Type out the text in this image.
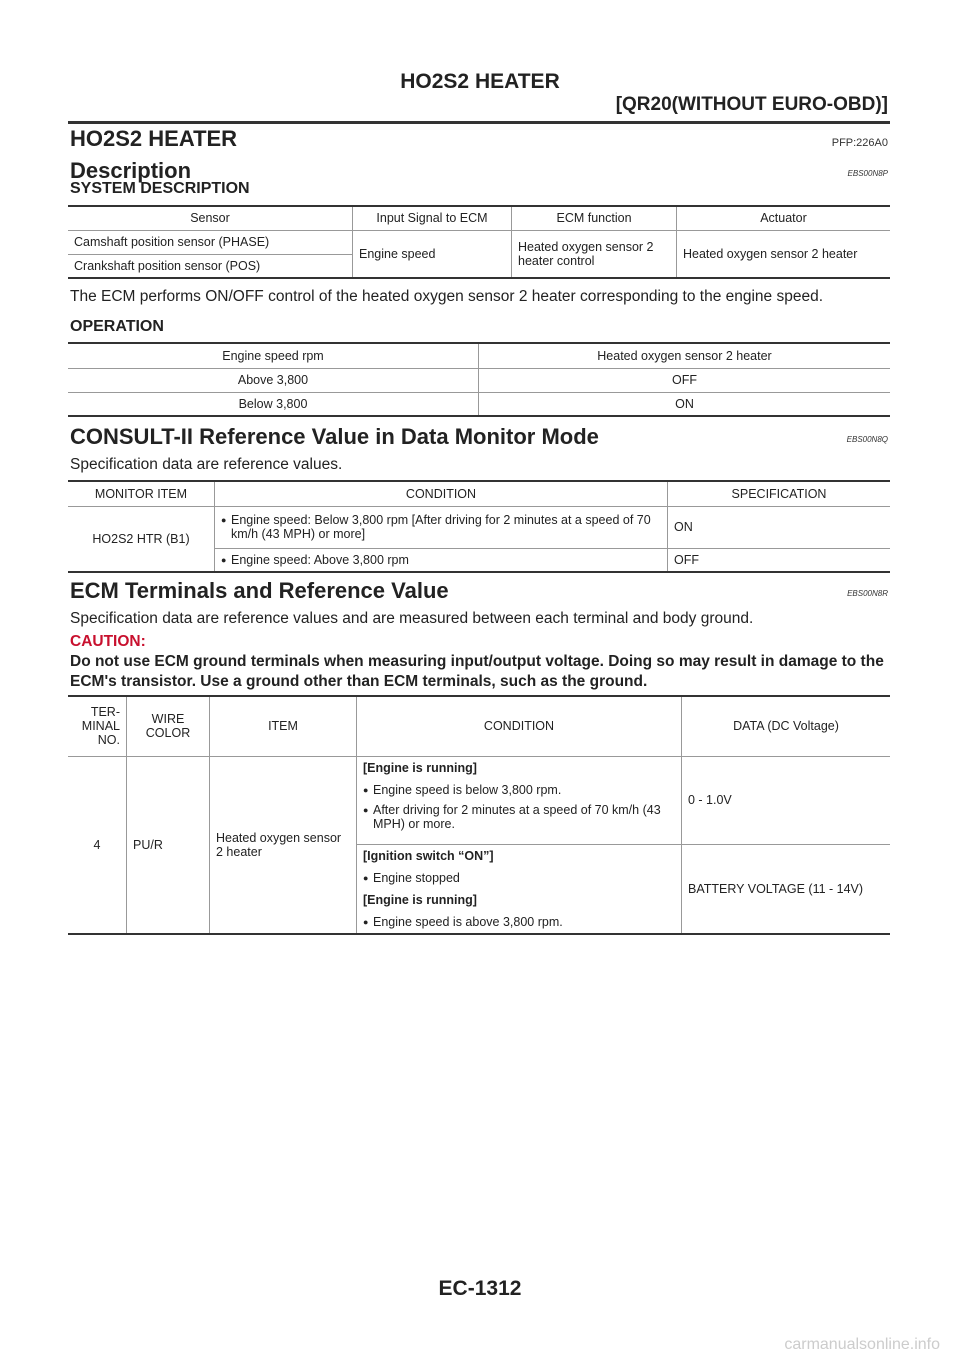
HO2S2 HEATER
[QR20(WITHOUT EURO-OBD)]
HO2S2 HEATER	PFP:226A0
Description	EBS00N8P
SYSTEM DESCRIPTION
Sensor	Input Signal to ECM	ECM function	Actuator
Camshaft position sensor (PHASE)	Engine speed	Heated oxygen sensor 2 heater control	Heated oxygen sensor 2 heater
Crankshaft position sensor (POS)			
The ECM performs ON/OFF control of the heated oxygen sensor 2 heater corresponding to the engine speed.
OPERATION
Engine speed rpm	Heated oxygen sensor 2 heater
Above 3,800	OFF
Below 3,800	ON
CONSULT-II Reference Value in Data Monitor Mode	EBS00N8Q
Specification data are reference values.
MONITOR ITEM	CONDITION	SPECIFICATION
HO2S2 HTR (B1)	● Engine speed: Below 3,800 rpm [After driving for 2 minutes at a speed of 70 km/h (43 MPH) or more]	ON

	● Engine speed: Above 3,800 rpm	OFF
ECM Terminals and Reference Value	EBS00N8R
Specification data are reference values and are measured between each terminal and body ground.
CAUTION:
Do not use ECM ground terminals when measuring input/output voltage. Doing so may result in damage to the ECM's transistor. Use a ground other than ECM terminals, such as the ground.
TER-MINAL NO.	WIRE COLOR	ITEM	CONDITION	DATA (DC Voltage)
4	PU/R	Heated oxygen sensor 2 heater	[Engine is running]
● Engine speed is below 3,800 rpm.
● After driving for 2 minutes at a speed of 70 km/h (43 MPH) or more.	0 - 1.0V

			[Ignition switch “ON”]
● Engine stopped
[Engine is running]
● Engine speed is above 3,800 rpm.	BATTERY VOLTAGE (11 - 14V)
EC-1312
carmanualsonline.info
